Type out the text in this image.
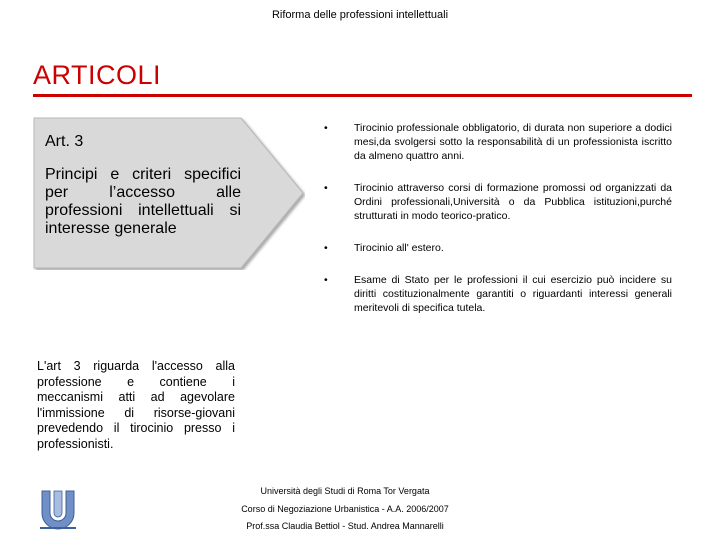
Riforma delle professioni intellettuali
ARTICOLI
Art. 3
Principi e criteri specifici per l’accesso alle professioni intellettuali si interesse generale
•	Tirocinio professionale obbligatorio, di durata non superiore a dodici mesi,da svolgersi sotto la responsabilità di un professionista iscritto da almeno quattro anni.
•	Tirocinio attraverso corsi di formazione promossi od organizzati da Ordini professionali,Università o da Pubblica istituzioni,purché strutturati in modo teorico-pratico.
•	Tirocinio all' estero.
•	Esame di Stato per le professioni il cui esercizio può incidere su diritti costituzionalmente garantiti o riguardanti interessi generali meritevoli di specifica tutela.
L'art 3 riguarda l'accesso alla professione e contiene i meccanismi atti ad agevolare l'immissione di risorse-giovani prevedendo il tirocinio presso i professionisti.
Università degli Studi di Roma Tor Vergata
Corso di Negoziazione Urbanistica - A.A. 2006/2007
Prof.ssa Claudia Bettiol - Stud. Andrea Mannarelli
